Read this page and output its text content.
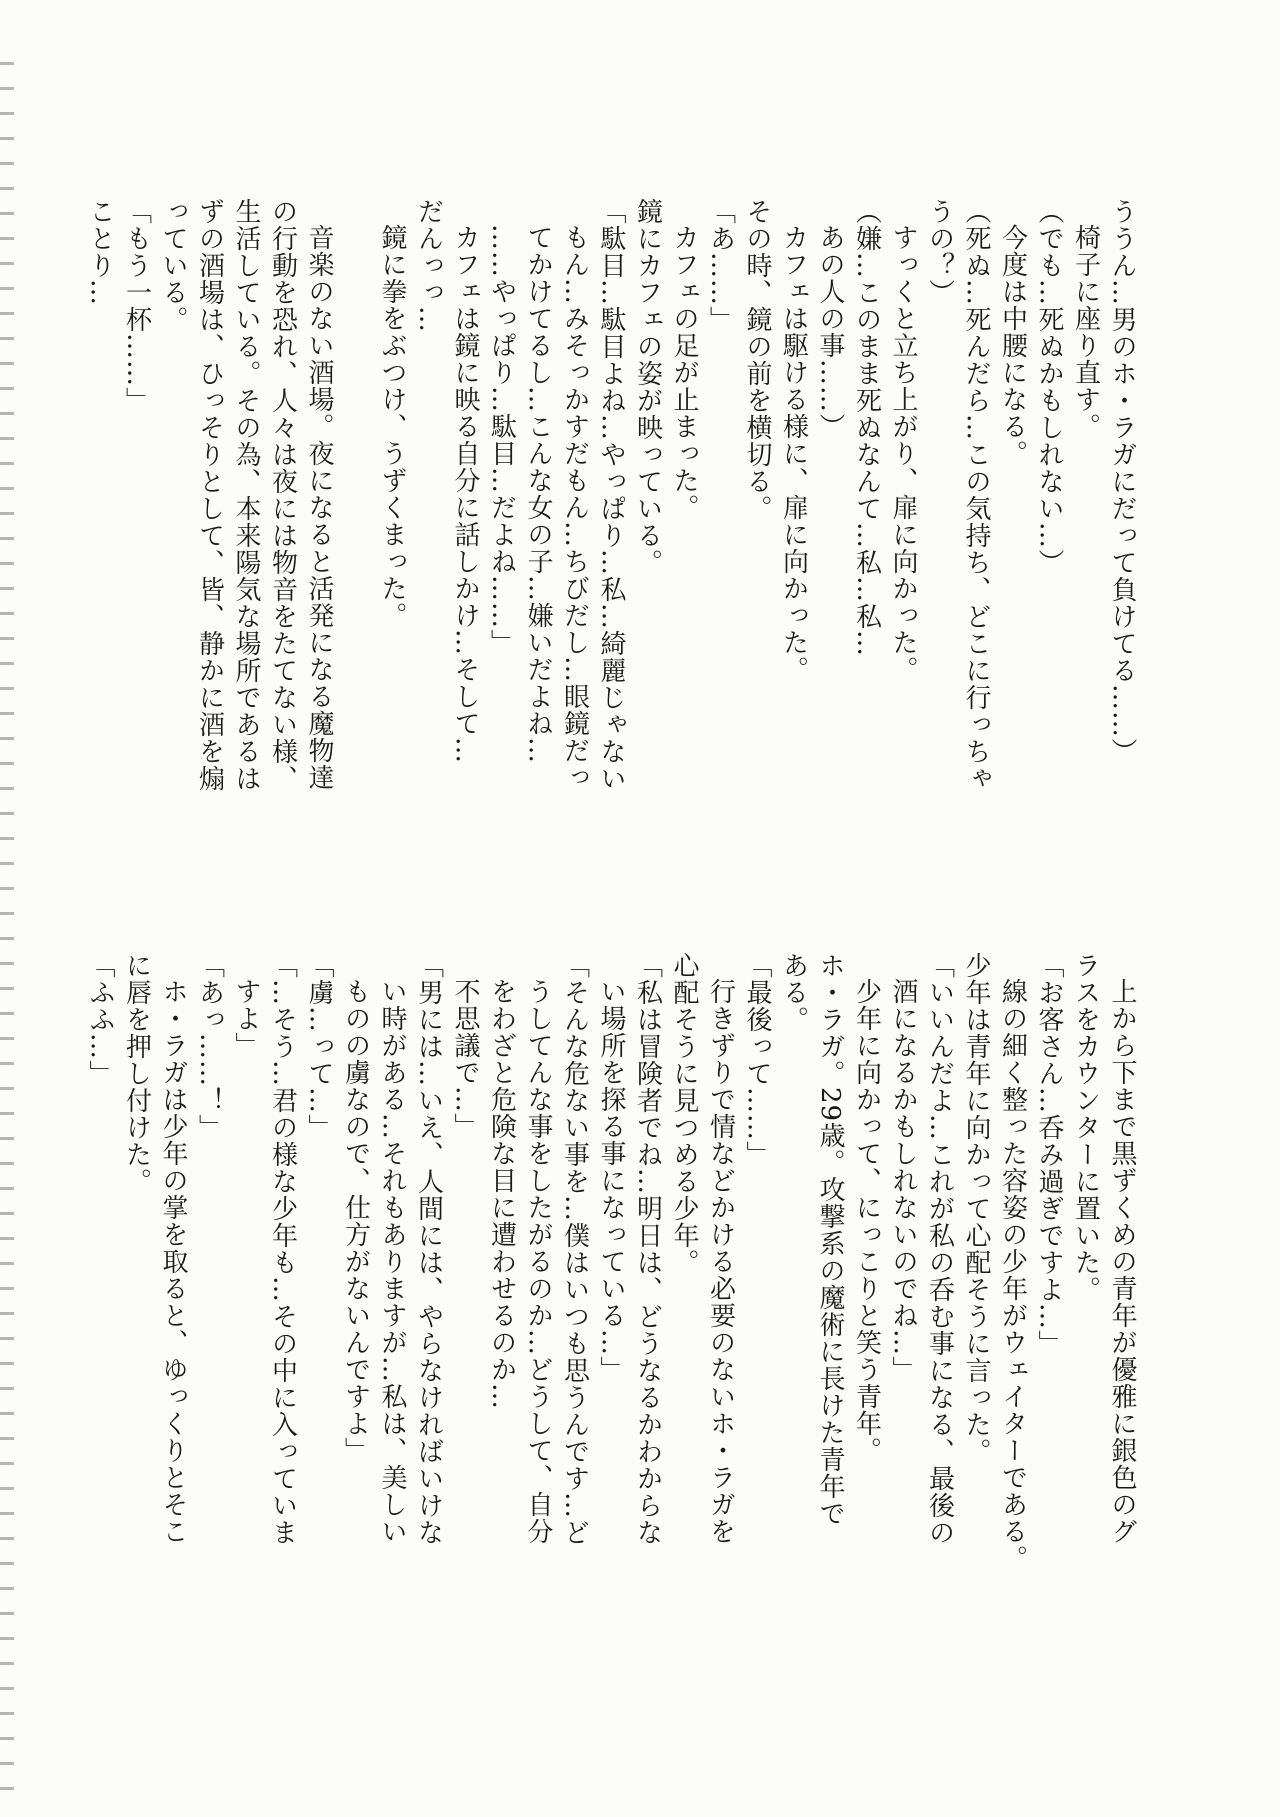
ううん…男のホ・ラガにだって負けてる……）
椅子に座り直す。
（でも…死ぬかもしれない…）
今度は中腰になる。
（死ぬ…死んだら…この気持ち、どこに行っちゃ
うの？）
すっくと立ち上がり、扉に向かった。
（嫌…このまま死ぬなんて…私…私…
あの人の事……）
カフェは駆ける様に、扉に向かった。
その時、鏡の前を横切る。
「あ……」
カフェの足が止まった。
鏡にカフェの姿が映っている。
「駄目…駄目よね…やっぱり…私…綺麗じゃない
もん…みそっかすだもん…ちびだし…眼鏡だっ
てかけてるし…こんな女の子…嫌いだよね…
……やっぱり…駄目…だよね……」
カフェは鏡に映る自分に話しかけ…そして…
だんっっ…
鏡に拳をぶつけ、うずくまった。
音楽のない酒場。夜になると活発になる魔物達
の行動を恐れ、人々は夜には物音をたてない様、
生活している。その為、本来陽気な場所であるは
ずの酒場は、ひっそりとして、皆、静かに酒を煽
っている。
「もう一杯……」
ことり…
上から下まで黒ずくめの青年が優雅に銀色のグ
ラスをカウンターに置いた。
「お客さん…呑み過ぎですよ…」
線の細く整った容姿の少年がウェイターである。
少年は青年に向かって心配そうに言った。
「いいんだよ…これが私の呑む事になる、最後の
酒になるかもしれないのでね…」
少年に向かって、にっこりと笑う青年。
ホ・ラガ。29歳。攻撃系の魔術に長けた青年で
ある。
「最後って……」
行きずりで情などかける必要のないホ・ラガを
心配そうに見つめる少年。
「私は冒険者でね…明日は、どうなるかわからな
い場所を探る事になっている…」
「そんな危ない事を…僕はいつも思うんです…ど
うしてんな事をしたがるのか…どうして、自分
をわざと危険な目に遭わせるのか…
不思議で…」
「男には…いえ、人間には、やらなければいけな
い時がある…それもありますが…私は、美しい
ものの虜なので、仕方がないんですよ」
「虜…って…」
「…そう…君の様な少年も…その中に入っていま
すよ」
「あっ……！」
ホ・ラガは少年の掌を取ると、ゆっくりとそこ
に唇を押し付けた。
「ふふ…」
